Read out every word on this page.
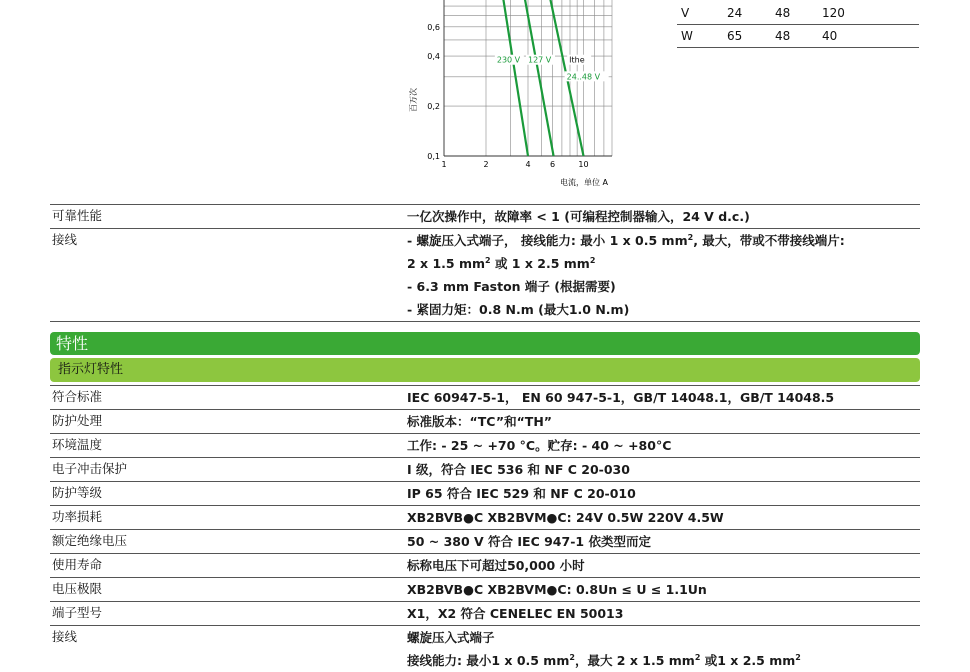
1	2	4 6	10
0,1
0,2
0,4
0,6
230 V 127 V Ithe
24..48 V
电流，单位 A
百万次
V	24	48	120
W	65	48	40
可靠性能	一亿次操作中，故障率 < 1 (可编程控制器输入，24 V d.c.)
接线	- 螺旋压入式端子， 接线能力: 最小 1 x 0.5 $mm^2$, 最大，带或不带接线端片:
2 x 1.5 $mm^2$ 或 1 x 2.5 $mm^2$
- 6.3 mm Faston 端子 (根据需要)
- 紧固力矩：0.8 N.m (最大1.0 N.m)
特性
指示灯特性
符合标准	IEC 60947-5-1， EN 60 947-5-1，GB/T 14048.1，GB/T 14048.5
防护处理	标准版本：“TC”和“TH”
环境温度	工作: - 25 ~ +70 °C。贮存: - 40 ~ +80°C
电子冲击保护	I 级，符合 IEC 536 和 NF C 20-030
防护等级	IP 65 符合 IEC 529 和 NF C 20-010
功率损耗	XB2BVB●C XB2BVM●C: 24V 0.5W 220V 4.5W
额定绝缘电压	50 ~ 380 V 符合 IEC 947-1 依类型而定
使用寿命	标称电压下可超过50,000 小时
电压极限	XB2BVB●C XB2BVM●C: 0.8Un ≤ U ≤ 1.1Un
端子型号	X1，X2 符合 CENELEC EN 50013
接线	螺旋压入式端子
接线能力: 最小1 x 0.5 $mm^2$，最大 2 x 1.5 $mm^2$ 或1 x 2.5 $mm^2$
